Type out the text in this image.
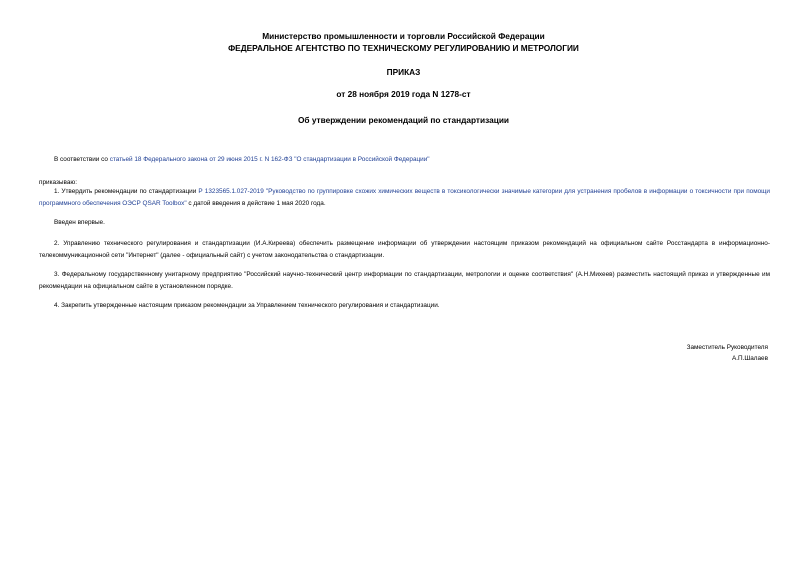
Министерство промышленности и торговли Российской Федерации
ФЕДЕРАЛЬНОЕ АГЕНТСТВО ПО ТЕХНИЧЕСКОМУ РЕГУЛИРОВАНИЮ И МЕТРОЛОГИИ
ПРИКАЗ
от 28 ноября 2019 года N 1278-ст
Об утверждении рекомендаций по стандартизации
В соответствии со статьей 18 Федерального закона от 29 июня 2015 г. N 162-ФЗ "О стандартизации в Российской Федерации"
приказываю:
1. Утвердить рекомендации по стандартизации Р 1323565.1.027-2019 "Руководство по группировке схожих химических веществ в токсикологически значимые категории для устранения пробелов в информации о токсичности при помощи программного обеспечения ОЭСР QSAR Toolbox" с датой введения в действие 1 мая 2020 года.
Введен впервые.
2. Управлению технического регулирования и стандартизации (И.А.Киреева) обеспечить размещение информации об утверждении настоящим приказом рекомендаций на официальном сайте Росстандарта в информационно-телекоммуникационной сети "Интернет" (далее - официальный сайт) с учетом законодательства о стандартизации.
3. Федеральному государственному унитарному предприятию "Российский научно-технический центр информации по стандартизации, метрологии и оценке соответствия" (А.Н.Михеев) разместить настоящий приказ и утвержденные им рекомендации на официальном сайте в установленном порядке.
4. Закрепить утвержденные настоящим приказом рекомендации за Управлением технического регулирования и стандартизации.
Заместитель Руководителя
А.П.Шалаев
